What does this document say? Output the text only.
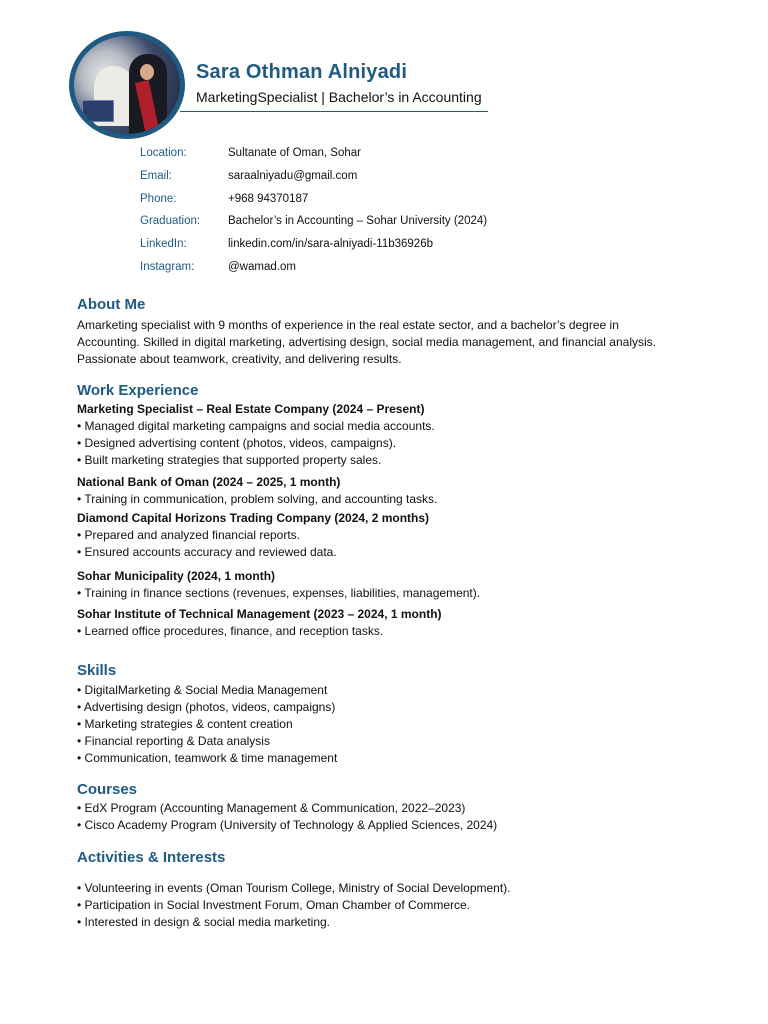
Sara Othman Alniyadi
MarketingSpecialist | Bachelor’s in Accounting
Location:	Sultanate of Oman, Sohar
Email:	saraalniyadu@gmail.com
Phone:	+968 94370187
Graduation: Bachelor’s in Accounting – Sohar University (2024)
LinkedIn:	linkedin.com/in/sara-alniyadi-11b36926b
Instagram:	@wamad.om
About Me
Amarketing specialist with 9 months of experience in the real estate sector, and a bachelor’s degree in
Accounting. Skilled in digital marketing, advertising design, social media management, and financial analysis.
Passionate about teamwork, creativity, and delivering results.
Work Experience
Marketing Specialist – Real Estate Company (2024 – Present)
• Managed digital marketing campaigns and social media accounts.
• Designed advertising content (photos, videos, campaigns).
• Built marketing strategies that supported property sales.
National Bank of Oman (2024 – 2025, 1 month)
• Training in communication, problem solving, and accounting tasks.
Diamond Capital Horizons Trading Company (2024, 2 months)
• Prepared and analyzed financial reports.
• Ensured accounts accuracy and reviewed data.
Sohar Municipality (2024, 1 month)
• Training in finance sections (revenues, expenses, liabilities, management).
Sohar Institute of Technical Management (2023 – 2024, 1 month)
• Learned office procedures, finance, and reception tasks.
Skills
• DigitalMarketing & Social Media Management
• Advertising design (photos, videos, campaigns)
• Marketing strategies & content creation
• Financial reporting & Data analysis
• Communication, teamwork & time management
Courses
• EdX Program (Accounting Management & Communication, 2022–2023)
• Cisco Academy Program (University of Technology & Applied Sciences, 2024)
Activities & Interests
• Volunteering in events (Oman Tourism College, Ministry of Social Development).
• Participation in Social Investment Forum, Oman Chamber of Commerce.
• Interested in design & social media marketing.
